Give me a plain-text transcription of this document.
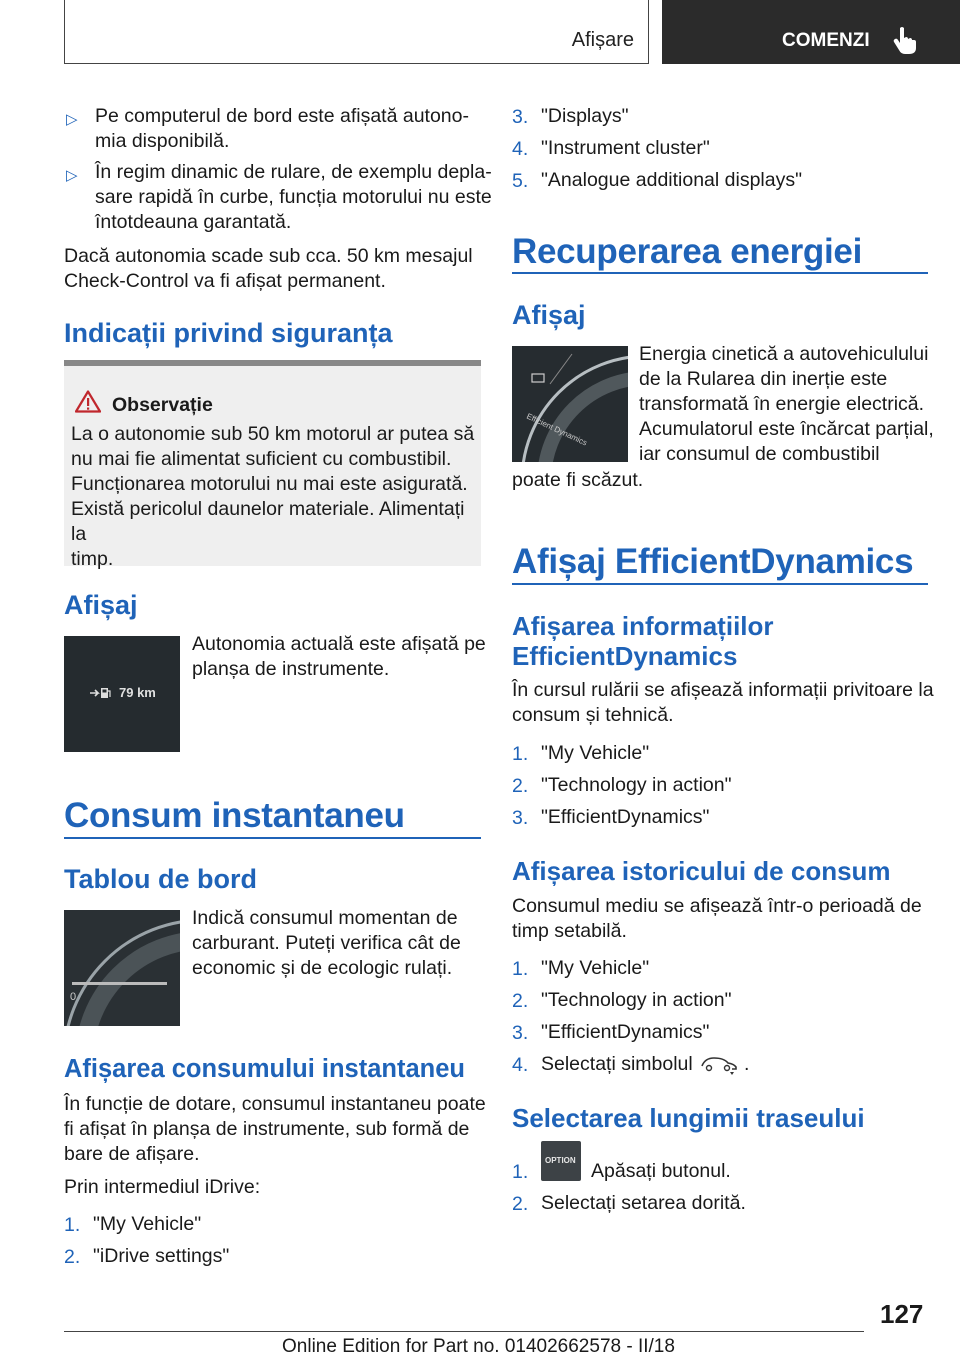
Afișare	COMENZI
▷ Pe computerul de bord este afișată autono-
mia disponibilă.
▷ În regim dinamic de rulare, de exemplu depla-
sare rapidă în curbe, funcția motorului nu este
întotdeauna garantată.
Dacă autonomia scade sub cca. 50 km mesajul
Check-Control va fi afișat permanent.
Indicații privind siguranța
Observație
La o autonomie sub 50 km motorul ar putea să
nu mai fie alimentat suficient cu combustibil.
Funcționarea motorului nu mai este asigurată.
Există pericolul daunelor materiale. Alimentați la
timp.
Afișaj
79 km
Autonomia actuală este afișată pe
planșa de instrumente.
Consum instantaneu
Tablou de bord
0
Indică consumul momentan de
carburant. Puteți verifica cât de
economic și de ecologic rulați.
Afișarea consumului instantaneu
În funcție de dotare, consumul instantaneu poate
fi afișat în planșa de instrumente, sub formă de
bare de afișare.
Prin intermediul iDrive:
1. "My Vehicle"
2. "iDrive settings"
3. "Displays"
4. "Instrument cluster"
5. "Analogue additional displays"
Recuperarea energiei
Afișaj
Efficient Dynamics
Energia cinetică a autovehiculului
de la Rularea din inerție este
transformată în energie electrică.
Acumulatorul este încărcat parțial,
iar consumul de combustibil
poate fi scăzut.
Afișaj EfficientDynamics
Afișarea informațiilor
EfficientDynamics
În cursul rulării se afișează informații privitoare la
consum și tehnică.
1. "My Vehicle"
2. "Technology in action"
3. "EfficientDynamics"
Afișarea istoricului de consum
Consumul mediu se afișează într-o perioadă de
timp setabilă.
1. "My Vehicle"
2. "Technology in action"
3. "EfficientDynamics"
4. Selectați simbolul	.
Selectarea lungimii traseului
1.
OPTION Apăsați butonul.
2. Selectați setarea dorită.
127
Online Edition for Part no. 01402662578 - II/18
